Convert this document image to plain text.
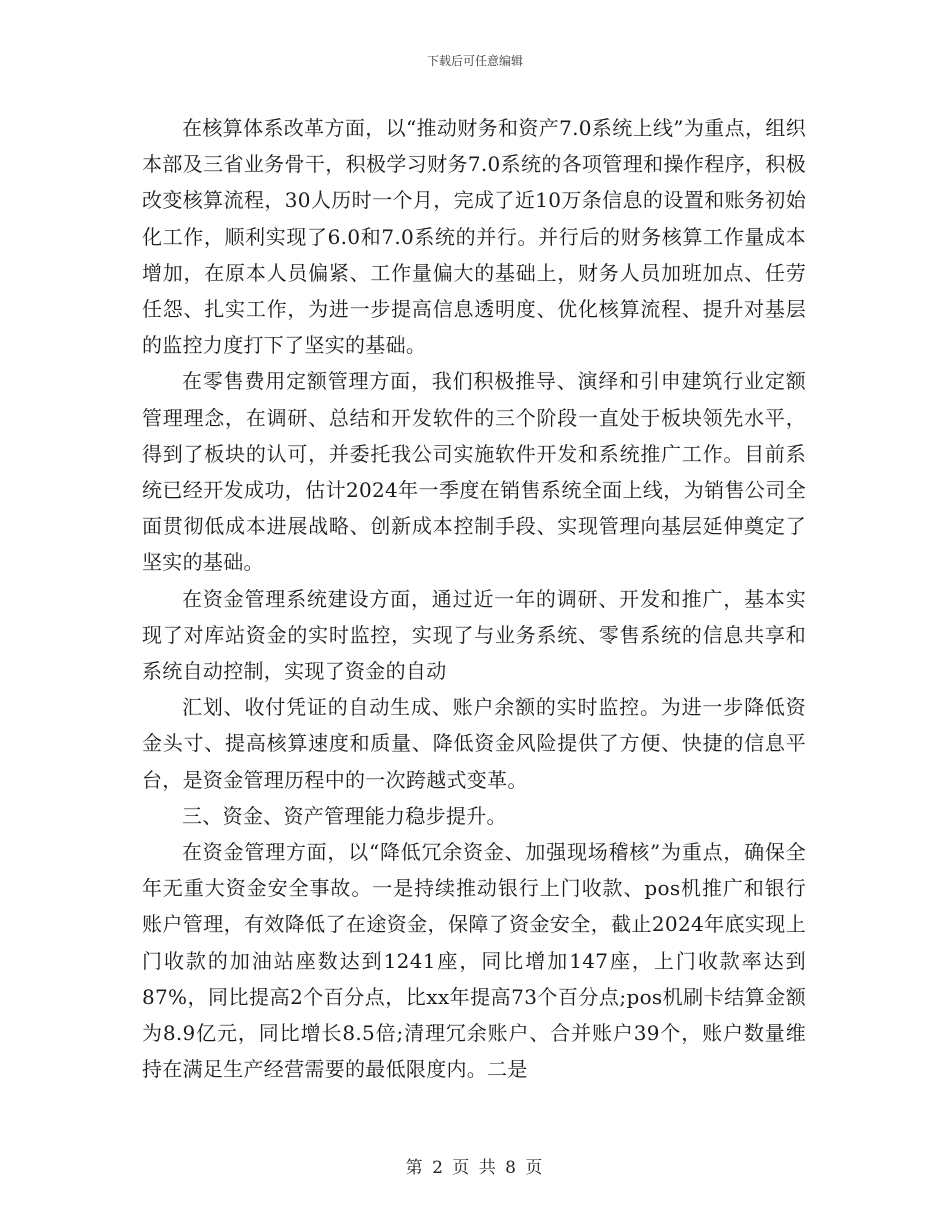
下载后可任意编辑

在核算体系改革方面，以“推动财务和资产7.0系统上线”为重点，组织本部及三省业务骨干，积极学习财务7.0系统的各项管理和操作程序，积极改变核算流程，30人历时一个月，完成了近10万条信息的设置和账务初始化工作，顺利实现了6.0和7.0系统的并行。并行后的财务核算工作量成本增加，在原本人员偏紧、工作量偏大的基础上，财务人员加班加点、任劳任怨、扎实工作，为进一步提高信息透明度、优化核算流程、提升对基层的监控力度打下了坚实的基础。

在零售费用定额管理方面，我们积极推导、演绎和引申建筑行业定额管理理念，在调研、总结和开发软件的三个阶段一直处于板块领先水平，得到了板块的认可，并委托我公司实施软件开发和系统推广工作。目前系统已经开发成功，估计2024年一季度在销售系统全面上线，为销售公司全面贯彻低成本进展战略、创新成本控制手段、实现管理向基层延伸奠定了坚实的基础。

在资金管理系统建设方面，通过近一年的调研、开发和推广，基本实现了对库站资金的实时监控，实现了与业务系统、零售系统的信息共享和系统自动控制，实现了资金的自动

汇划、收付凭证的自动生成、账户余额的实时监控。为进一步降低资金头寸、提高核算速度和质量、降低资金风险提供了方便、快捷的信息平台，是资金管理历程中的一次跨越式变革。

三、资金、资产管理能力稳步提升。

在资金管理方面，以“降低冗余资金、加强现场稽核”为重点，确保全年无重大资金安全事故。一是持续推动银行上门收款、pos机推广和银行账户管理，有效降低了在途资金，保障了资金安全，截止2024年底实现上门收款的加油站座数达到1241座，同比增加147座，上门收款率达到87%，同比提高2个百分点，比xx年提高73个百分点;pos机刷卡结算金额为8.9亿元，同比增长8.5倍;清理冗余账户、合并账户39个，账户数量维持在满足生产经营需要的最低限度内。二是

第 2 页 共 8 页
